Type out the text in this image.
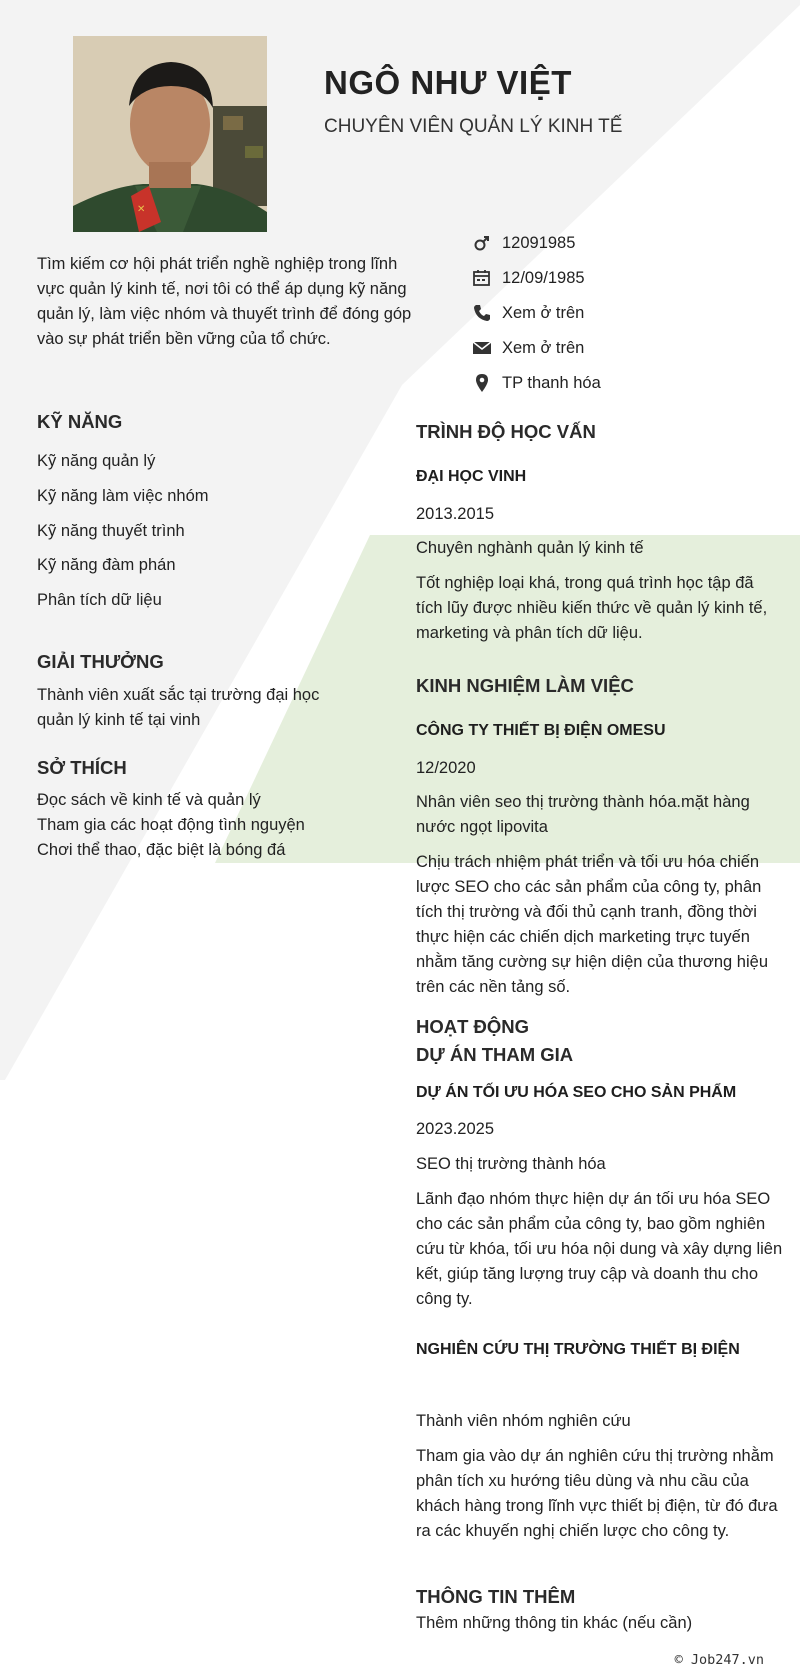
✕
NGÔ NHƯ VIỆT
CHUYÊN VIÊN QUẢN LÝ KINH TẾ
Tìm kiếm cơ hội phát triển nghề nghiệp trong lĩnh vực quản lý kinh tế, nơi tôi có thể áp dụng kỹ năng quản lý, làm việc nhóm và thuyết trình để đóng góp vào sự phát triển bền vững của tổ chức.
12091985
12/09/1985
Xem ở trên
Xem ở trên
TP thanh hóa
KỸ NĂNG
Kỹ năng quản lý
Kỹ năng làm việc nhóm
Kỹ năng thuyết trình
Kỹ năng đàm phán
Phân tích dữ liệu
GIẢI THƯỞNG
Thành viên xuất sắc tại trường đại học
quản lý kinh tế tại vinh
SỞ THÍCH
Đọc sách về kinh tế và quản lý
Tham gia các hoạt động tình nguyện
Chơi thể thao, đặc biệt là bóng đá
TRÌNH ĐỘ HỌC VẤN
ĐẠI HỌC VINH
2013.2015
Chuyên nghành quản lý kinh tế
Tốt nghiệp loại khá, trong quá trình học tập đã tích lũy được nhiều kiến thức về quản lý kinh tế, marketing và phân tích dữ liệu.
KINH NGHIỆM LÀM VIỆC
CÔNG TY THIẾT BỊ ĐIỆN OMESU
12/2020
Nhân viên seo thị trường thành hóa.mặt hàng nước ngọt lipovita
Chịu trách nhiệm phát triển và tối ưu hóa chiến lược SEO cho các sản phẩm của công ty, phân tích thị trường và đối thủ cạnh tranh, đồng thời thực hiện các chiến dịch marketing trực tuyến nhằm tăng cường sự hiện diện của thương hiệu trên các nền tảng số.
HOẠT ĐỘNG
DỰ ÁN THAM GIA
DỰ ÁN TỐI ƯU HÓA SEO CHO SẢN PHẨM
2023.2025
SEO thị trường thành hóa
Lãnh đạo nhóm thực hiện dự án tối ưu hóa SEO cho các sản phẩm của công ty, bao gồm nghiên cứu từ khóa, tối ưu hóa nội dung và xây dựng liên kết, giúp tăng lượng truy cập và doanh thu cho công ty.
NGHIÊN CỨU THỊ TRƯỜNG THIẾT BỊ ĐIỆN
Thành viên nhóm nghiên cứu
Tham gia vào dự án nghiên cứu thị trường nhằm phân tích xu hướng tiêu dùng và nhu cầu của khách hàng trong lĩnh vực thiết bị điện, từ đó đưa ra các khuyến nghị chiến lược cho công ty.
THÔNG TIN THÊM
Thêm những thông tin khác (nếu cần)
© Job247.vn
